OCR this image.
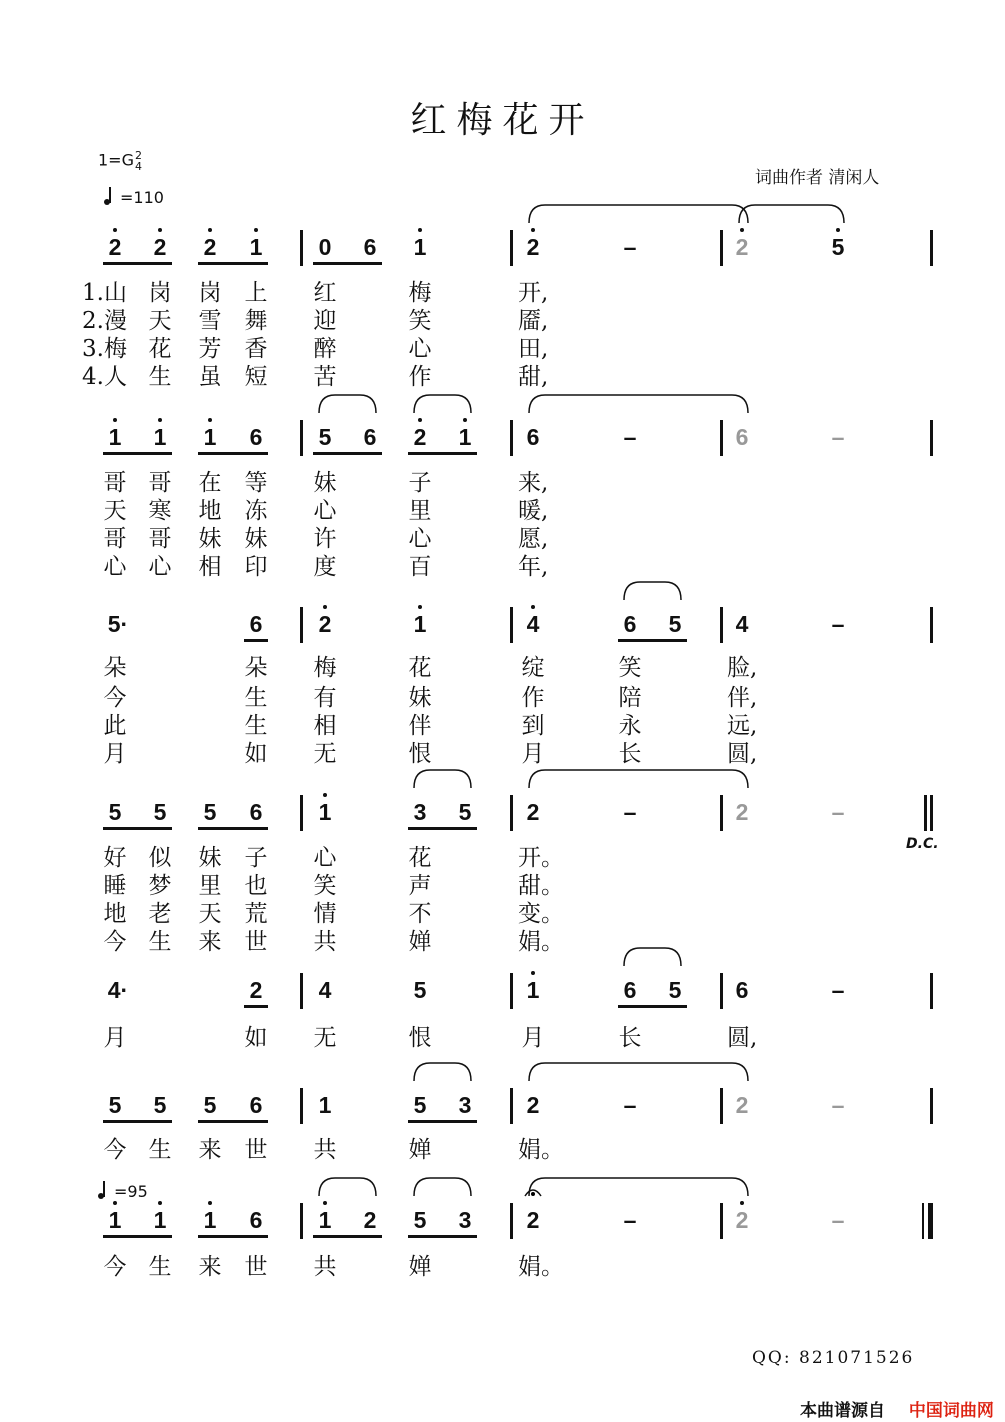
红梅花开
1=G2
4
=110
词曲作者 清闲人
2 2 2 1 0 6 1	2	–	2	5
1 1 1 6 5 6 2 1 6	–	6	–
5·	6 2	1	4	6 5 4	–
5 5 5 6 1	3 5 2	–	2	–
4·	2 4	5	1	6 5 6	–
5 5 5 6 1	5 3 2	–	2	–
1 1 1 6 1 2 5 3 2	–	2	–
1.山 岗 岗 上 红	梅	开,
2.漫 天 雪 舞 迎	笑	靥,
3.梅 花 芳 香 醉	心	田,
4.人 生 虽 短 苦	作	甜,
哥 哥 在 等 妹	子	来,
天 寒 地 冻 心	里	暖,
哥 哥 妹 妹 许	心	愿,
心 心 相 印 度	百	年,
朵	朵 梅	花	绽	笑	脸,
今	生 有	妹	作	陪	伴,
此	生 相	伴	到	永	远,
月	如 无	恨	月	长	圆,
好 似 妹 子 心	花	开。
睡 梦 里 也 笑	声	甜。
地 老 天 荒 情	不	变。
今 生 来 世 共	婵	娟。
月	如 无	恨	月	长	圆,
今 生 来 世 共	婵	娟。
今 生 来 世 共	婵	娟。
=95
D.C.
QQ: 821071526
本曲谱源自 中国词曲网
